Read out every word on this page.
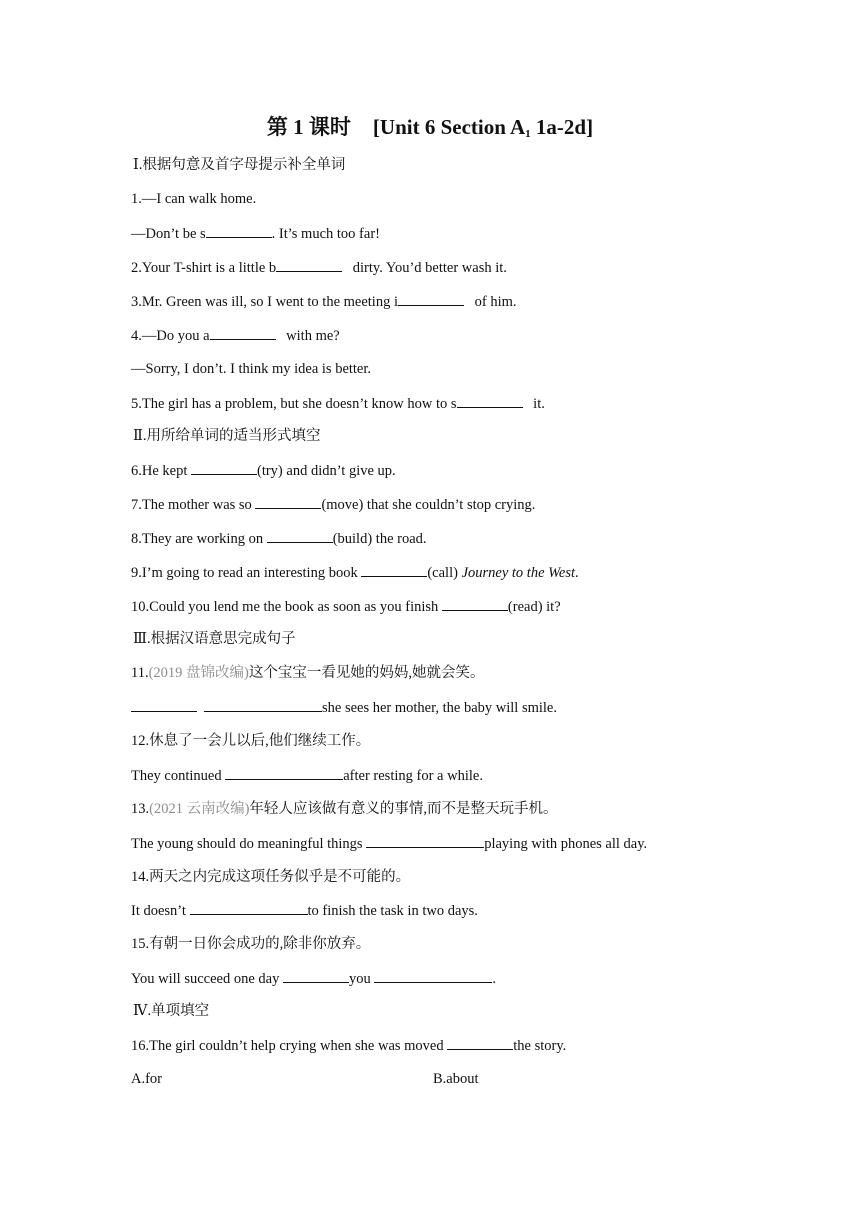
第 1 课时 [Unit 6 Section $A_1$ 1a-2d]
Ⅰ.根据句意及首字母提示补全单词
1.—I can walk home.
—Don’t be s	. It’s much too far!
2.Your T-shirt is a little b	dirty. You’d better wash it.
3.Mr. Green was ill, so I went to the meeting i	of him.
4.—Do you a	with me?
—Sorry, I don’t. I think my idea is better.
5.The girl has a problem, but she doesn’t know how to s	it.
Ⅱ.用所给单词的适当形式填空
6.He kept	(try) and didn’t give up.
7.The mother was so	(move) that she couldn’t stop crying.
8.They are working on	(build) the road.
9.I’m going to read an interesting book	(call) Journey to the West.
10.Could you lend me the book as soon as you finish	(read) it?
Ⅲ.根据汉语意思完成句子
11.(2019 盘锦改编)这个宝宝一看见她的妈妈,她就会笑。
she sees her mother, the baby will smile.
12.休息了一会儿以后,他们继续工作。
They continued	after resting for a while.
13.(2021 云南改编)年轻人应该做有意义的事情,而不是整天玩手机。
The young should do meaningful things	playing with phones all day.
14.两天之内完成这项任务似乎是不可能的。
It doesn’t	to finish the task in two days.
15.有朝一日你会成功的,除非你放弃。
You will succeed one day	you	.
Ⅳ.单项填空
16.The girl couldn’t help crying when she was moved	the story.
A.for	B.about
